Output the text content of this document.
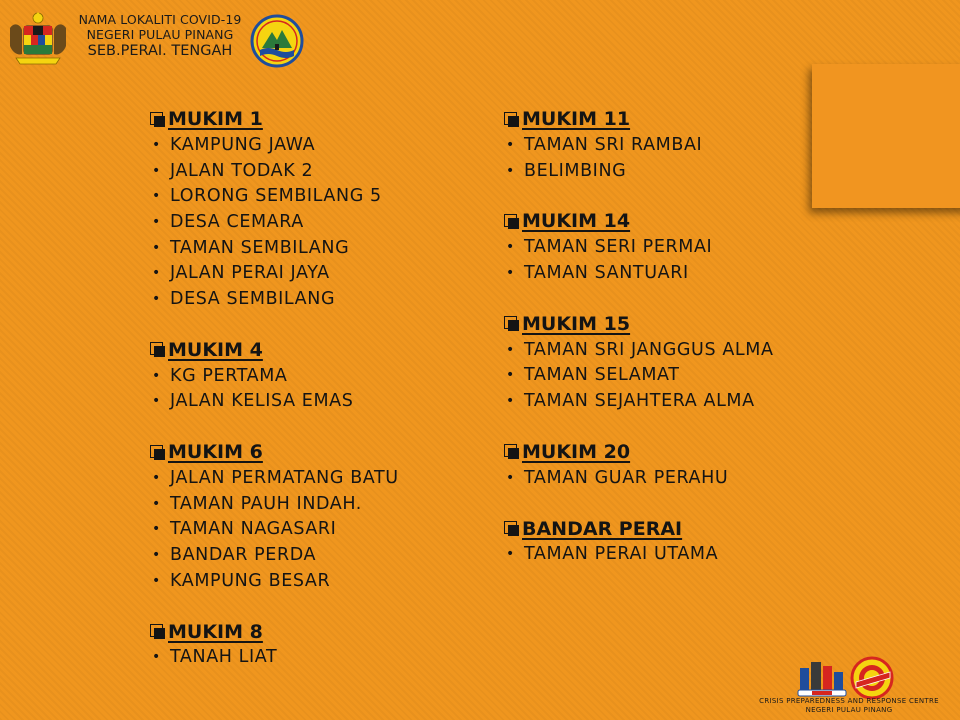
NAMA LOKALITI COVID-19
NEGERI PULAU PINANG
SEB.PERAI. TENGAH
MUKIM 1
• KAMPUNG JAWA
• JALAN TODAK 2
• LORONG SEMBILANG 5
• DESA CEMARA
• TAMAN SEMBILANG
• JALAN PERAI JAYA
• DESA SEMBILANG
MUKIM 4
• KG PERTAMA
• JALAN KELISA EMAS
MUKIM 6
• JALAN PERMATANG BATU
• TAMAN PAUH INDAH.
• TAMAN NAGASARI
• BANDAR PERDA
• KAMPUNG BESAR
MUKIM 8
• TANAH LIAT
MUKIM 11
• TAMAN SRI RAMBAI
• BELIMBING
MUKIM 14
• TAMAN SERI PERMAI
• TAMAN SANTUARI
MUKIM 15
• TAMAN SRI JANGGUS ALMA
• TAMAN SELAMAT
• TAMAN SEJAHTERA ALMA
MUKIM 20
• TAMAN GUAR PERAHU
BANDAR PERAI
• TAMAN PERAI UTAMA
CRISIS PREPAREDNESS AND RESPONSE CENTRE
NEGERI PULAU PINANG
